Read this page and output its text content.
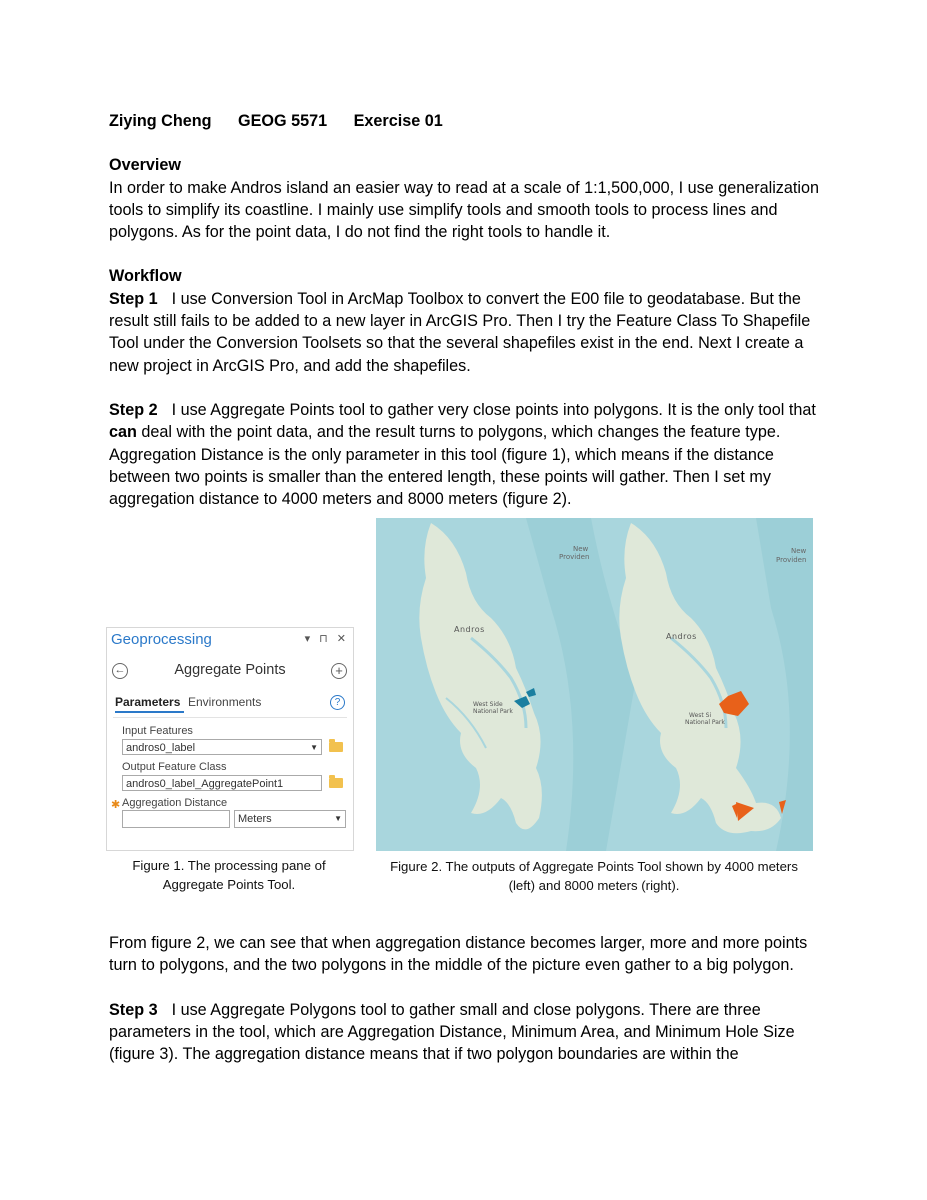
Ziying Cheng GEOG 5571 Exercise 01
Overview

In order to make Andros island an easier way to read at a scale of 1:1,500,000, I use generalization tools to simplify its coastline. I mainly use simplify tools and smooth tools to process lines and polygons. As for the point data, I do not find the right tools to handle it.

Workflow

Step 1 I use Conversion Tool in ArcMap Toolbox to convert the E00 file to geodatabase. But the result still fails to be added to a new layer in ArcGIS Pro. Then I try the Feature Class To Shapefile Tool under the Conversion Toolsets so that the several shapefiles exist in the end. Next I create a new project in ArcGIS Pro, and add the shapefiles.

Step 2 I use Aggregate Points tool to gather very close points into polygons. It is the only tool that can deal with the point data, and the result turns to polygons, which changes the feature type. Aggregation Distance is the only parameter in this tool (figure 1), which means if the distance between two points is smaller than the entered length, these points will gather. Then I set my aggregation distance to 4000 meters and 8000 meters (figure 2).

Geoprocessing	▾ ⊓ ✕
←	Aggregate Points	+
Parameters Environments	?
Input Features
andros0_label	▼
Output Feature Class
andros0_label_AggregatePoint1
✱ Aggregation Distance
Meters	▼
Andros
West Side
National Park
New
Providen
Andros
West Si
National Park
New
Providen
Figure 1. The processing pane of Aggregate Points Tool.
Figure 2. The outputs of Aggregate Points Tool shown by 4000 meters (left) and 8000 meters (right).

From figure 2, we can see that when aggregation distance becomes larger, more and more points turn to polygons, and the two polygons in the middle of the picture even gather to a big polygon.

Step 3 I use Aggregate Polygons tool to gather small and close polygons. There are three parameters in the tool, which are Aggregation Distance, Minimum Area, and Minimum Hole Size (figure 3). The aggregation distance means that if two polygon boundaries are within the
